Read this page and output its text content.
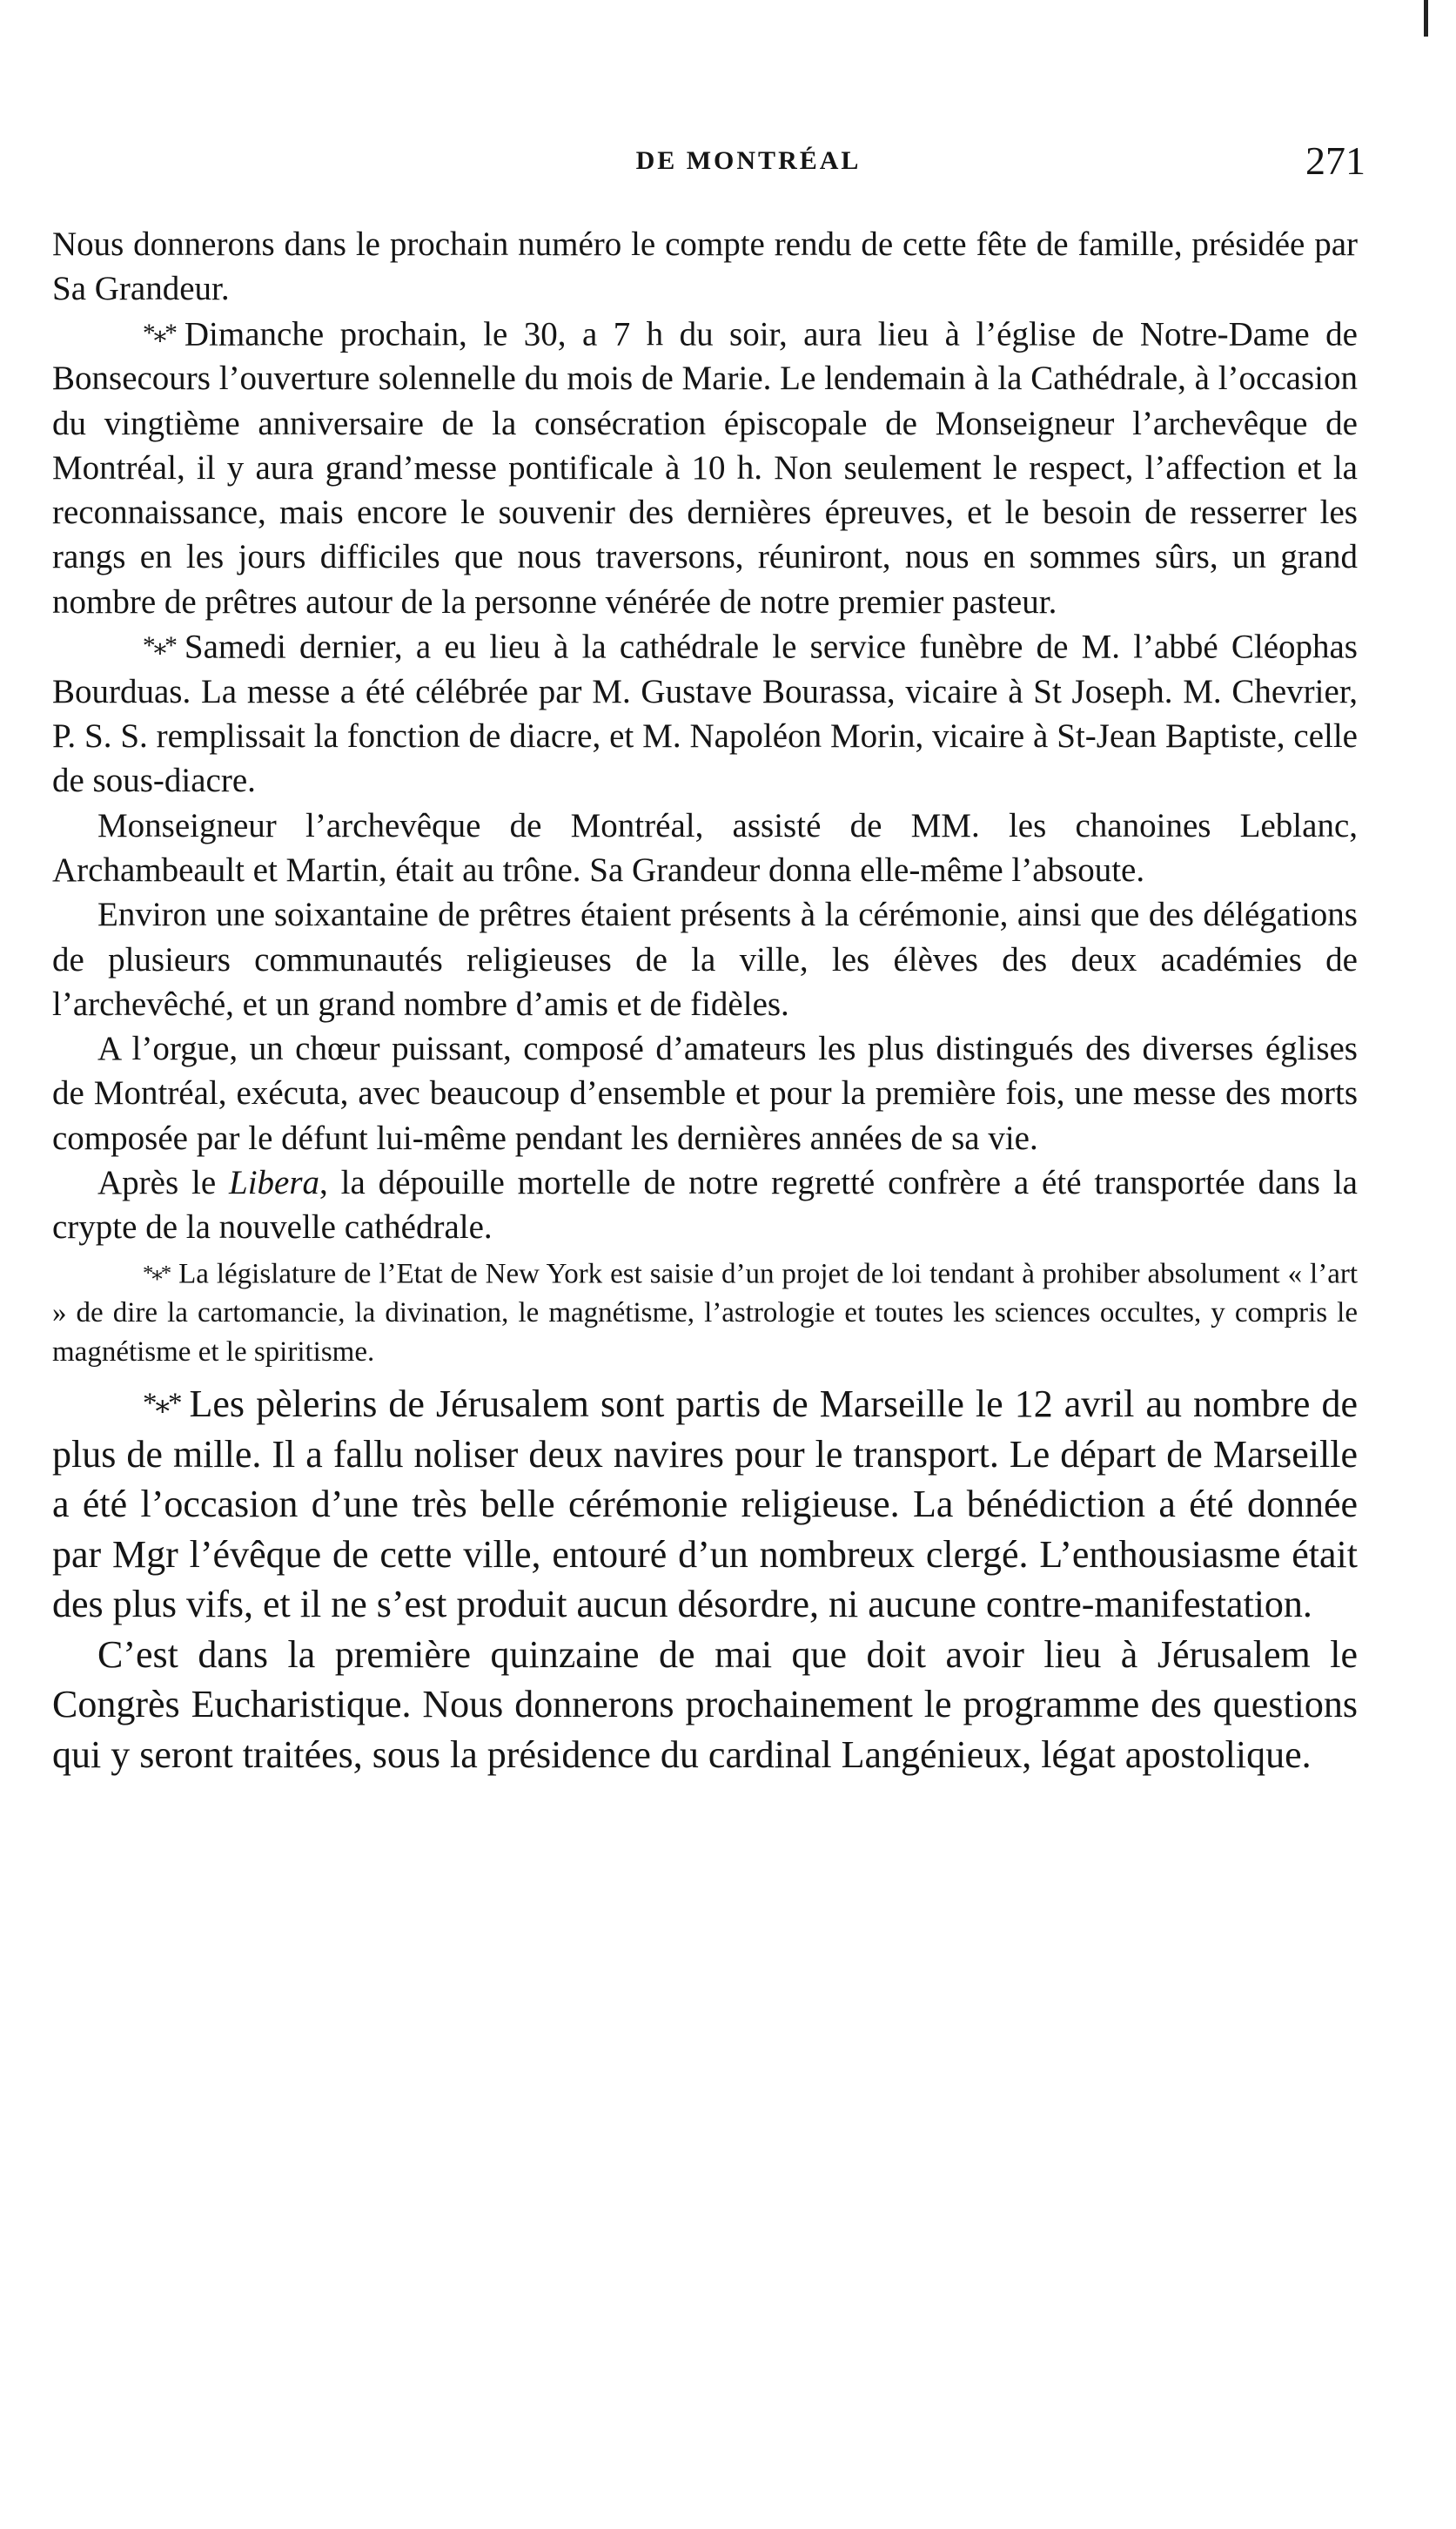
DE MONTRÉAL	271

Nous donnerons dans le prochain numéro le compte rendu de cette fête de famille, présidée par Sa Grandeur.

*⁎* Dimanche prochain, le 30, a 7 h du soir, aura lieu à l’église de Notre-Dame de Bonsecours l’ouverture solennelle du mois de Marie. Le lendemain à la Cathédrale, à l’occasion du vingtième anniversaire de la consécration épiscopale de Monseigneur l’archevêque de Montréal, il y aura grand’messe pontificale à 10 h. Non seulement le respect, l’affection et la reconnaissance, mais encore le souvenir des dernières épreuves, et le besoin de resserrer les rangs en les jours difficiles que nous traversons, réuniront, nous en sommes sûrs, un grand nombre de prêtres autour de la personne vénérée de notre premier pasteur.

*⁎* Samedi dernier, a eu lieu à la cathédrale le service funèbre de M. l’abbé Cléophas Bourduas. La messe a été célébrée par M. Gustave Bourassa, vicaire à St Joseph. M. Chevrier, P. S. S. remplissait la fonction de diacre, et M. Napoléon Morin, vicaire à St-Jean Baptiste, celle de sous-diacre.

Monseigneur l’archevêque de Montréal, assisté de MM. les chanoines Leblanc, Archambeault et Martin, était au trône. Sa Grandeur donna elle-même l’absoute.

Environ une soixantaine de prêtres étaient présents à la cérémonie, ainsi que des délégations de plusieurs communautés religieuses de la ville, les élèves des deux académies de l’archevêché, et un grand nombre d’amis et de fidèles.

A l’orgue, un chœur puissant, composé d’amateurs les plus distingués des diverses églises de Montréal, exécuta, avec beaucoup d’ensemble et pour la première fois, une messe des morts composée par le défunt lui-même pendant les dernières années de sa vie.

Après le Libera, la dépouille mortelle de notre regretté confrère a été transportée dans la crypte de la nouvelle cathédrale.

*⁎* La législature de l’Etat de New York est saisie d’un projet de loi tendant à prohiber absolument « l’art » de dire la cartomancie, la divination, le magnétisme, l’astrologie et toutes les sciences occultes, y compris le magnétisme et le spiritisme.

*⁎* Les pèlerins de Jérusalem sont partis de Marseille le 12 avril au nombre de plus de mille. Il a fallu noliser deux navires pour le transport. Le départ de Marseille a été l’occasion d’une très belle cérémonie religieuse. La bénédiction a été donnée par Mgr l’évêque de cette ville, entouré d’un nombreux clergé. L’enthousiasme était des plus vifs, et il ne s’est produit aucun désordre, ni aucune contre-manifestation.

C’est dans la première quinzaine de mai que doit avoir lieu à Jérusalem le Congrès Eucharistique. Nous donnerons prochainement le programme des questions qui y seront traitées, sous la présidence du cardinal Langénieux, légat apostolique.
